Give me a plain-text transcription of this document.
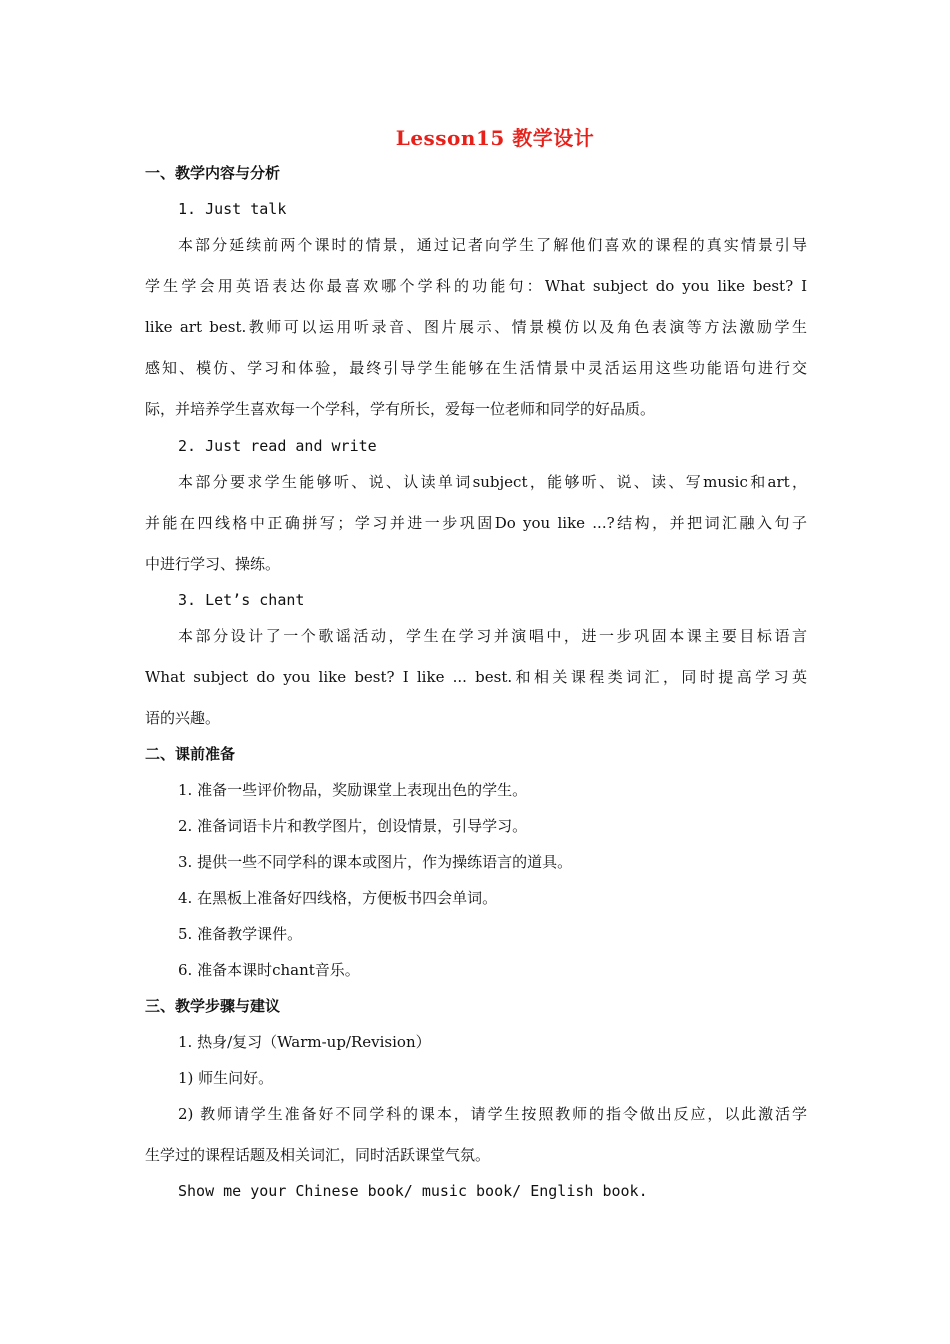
Lesson15 教学设计
一、教学内容与分析
1. Just talk
本部分延续前两个课时的情景，通过记者向学生了解他们喜欢的课程的真实情景引导
学生学会用英语表达你最喜欢哪个学科的功能句：What subject do you like best? I
like art best.教师可以运用听录音、图片展示、情景模仿以及角色表演等方法激励学生
感知、模仿、学习和体验，最终引导学生能够在生活情景中灵活运用这些功能语句进行交
际，并培养学生喜欢每一个学科，学有所长，爱每一位老师和同学的好品质。
2. Just read and write
本部分要求学生能够听、说、认读单词subject，能够听、说、读、写music和art，
并能在四线格中正确拼写；学习并进一步巩固Do you like ...?结构，并把词汇融入句子
中进行学习、操练。
3. Let’s chant
本部分设计了一个歌谣活动，学生在学习并演唱中，进一步巩固本课主要目标语言
What subject do you like best? I like ... best.和相关课程类词汇，同时提高学习英
语的兴趣。
二、课前准备
1. 准备一些评价物品，奖励课堂上表现出色的学生。
2. 准备词语卡片和教学图片，创设情景，引导学习。
3. 提供一些不同学科的课本或图片，作为操练语言的道具。
4. 在黑板上准备好四线格，方便板书四会单词。
5. 准备教学课件。
6. 准备本课时chant音乐。
三、教学步骤与建议
1. 热身/复习（Warm-up/Revision）
1) 师生问好。
2) 教师请学生准备好不同学科的课本，请学生按照教师的指令做出反应，以此激活学
生学过的课程话题及相关词汇，同时活跃课堂气氛。
Show me your Chinese book/ music book/ English book.
